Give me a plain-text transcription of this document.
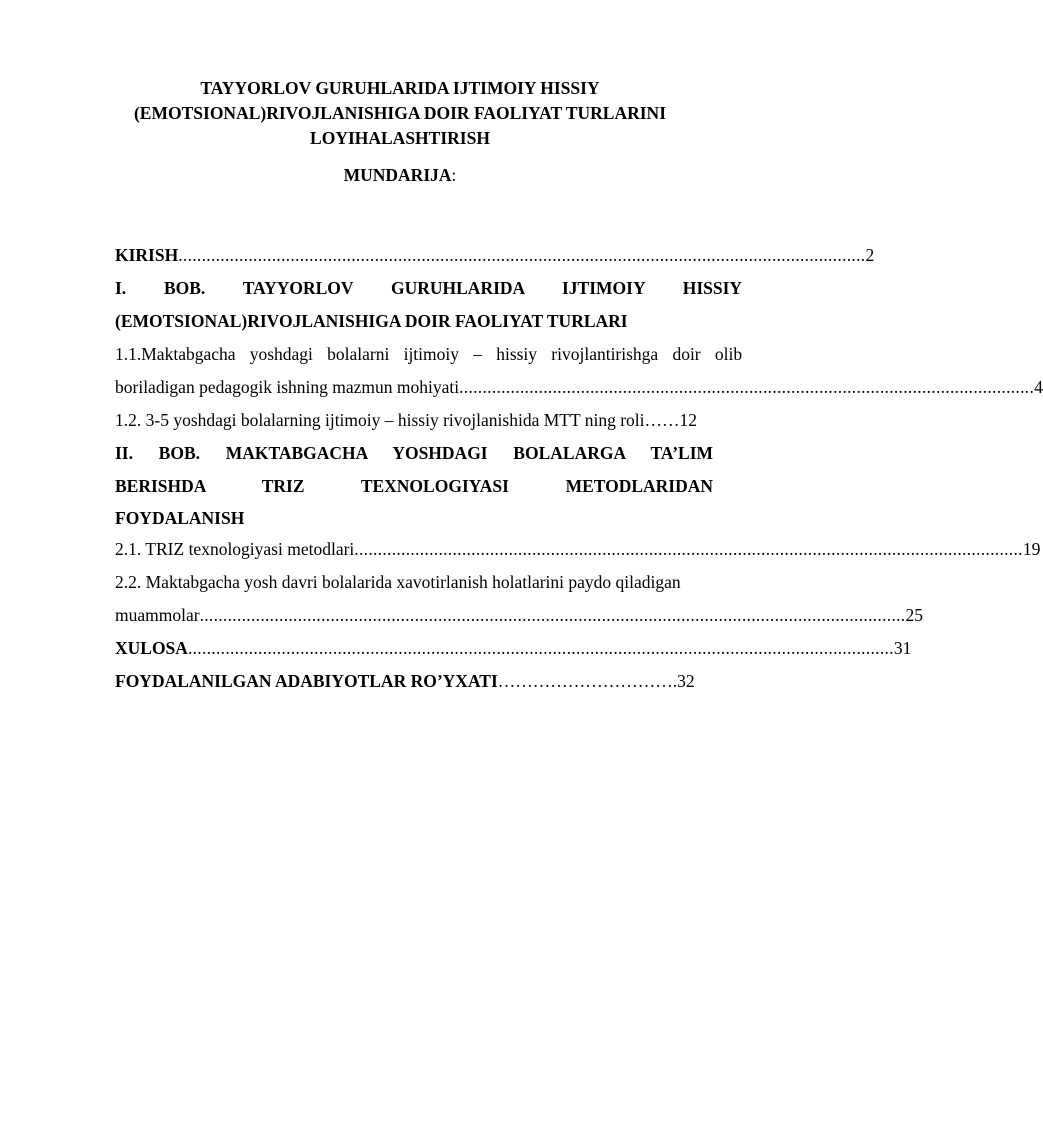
TAYYORLOV GURUHLARIDA IJTIMOIY HISSIY
(EMOTSIONAL)RIVOJLANISHIGA DOIR FAOLIYAT TURLARINI
LOYIHALASHTIRISH
MUNDARIJA:
KIRISH ................................................................................................................................................... 2
I. BOB. TAYYORLOV GURUHLARIDA IJTIMOIY HISSIY
(EMOTSIONAL)RIVOJLANISHIGA DOIR FAOLIYAT TURLARI
1.1.Maktabgacha yoshdagi bolalarni ijtimoiy – hissiy rivojlantirishga doir olib
boriladigan pedagogik ishning mazmun mohiyati ........................................................................................................................... 4
1.2. 3-5 yoshdagi bolalarning ijtimoiy – hissiy rivojlanishida MTT ning roli …… 12
II. BOB. MAKTABGACHA YOSHDAGI BOLALARGA TA’LIM
BERISHDA	TRIZ	TEXNOLOGIYASI	METODLARIDAN
FOYDALANISH
2.1. TRIZ texnologiyasi metodlari ............................................................................................................................................... 19
2.2. Maktabgacha yosh davri bolalarida xavotirlanish holatlarini paydo qiladigan
muammolar ....................................................................................................................................................... 25
XULOSA ....................................................................................................................................................... 31
FOYDALANILGAN ADABIYOTLAR RO’YXATI …………………………. 32
